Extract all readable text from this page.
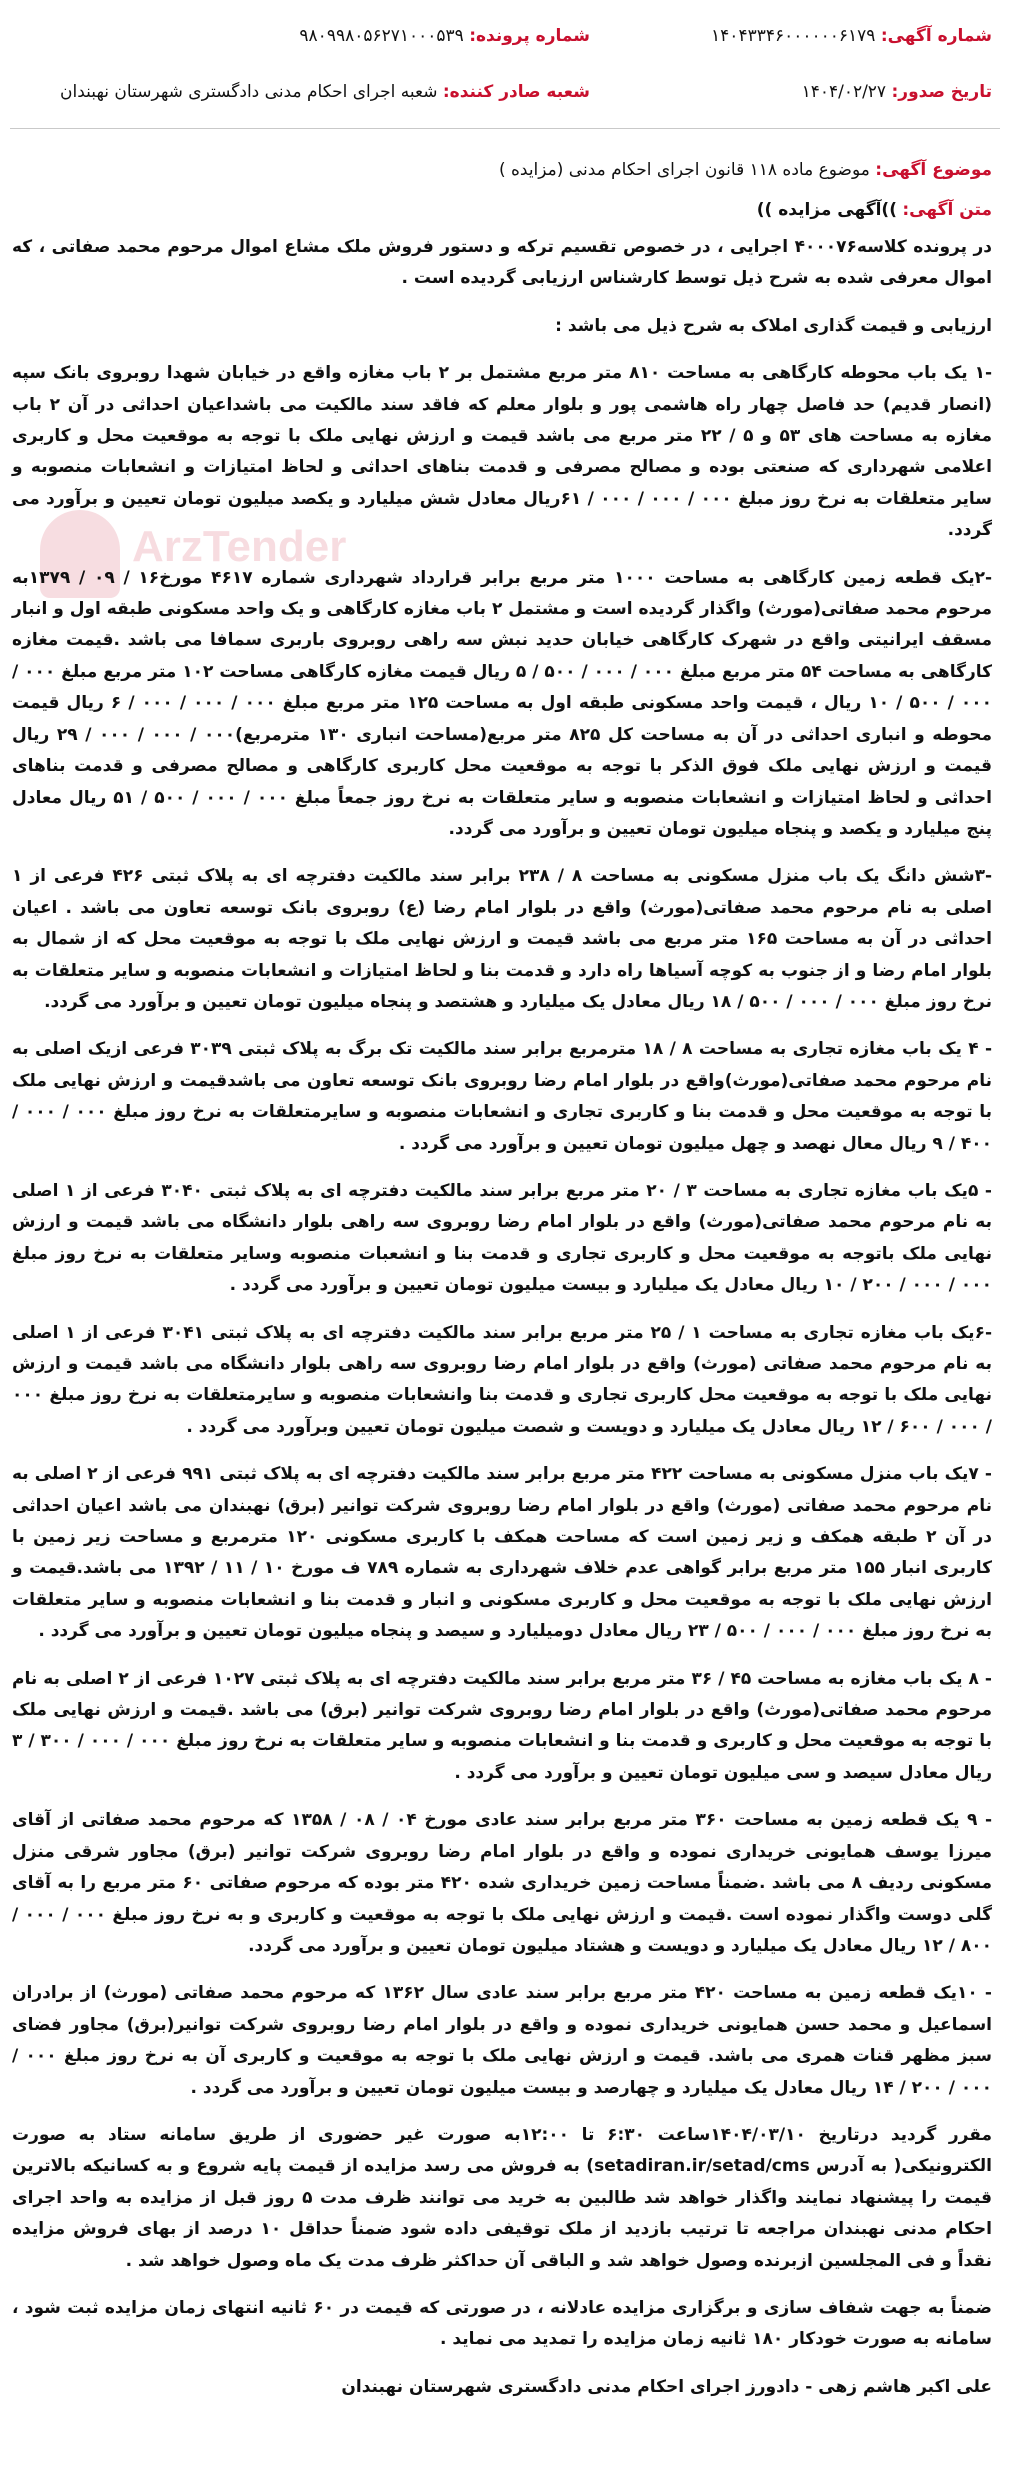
شماره آگهی: ۱۴۰۴۳۳۴۶۰۰۰۰۰۰۶۱۷۹
شماره پرونده: ۹۸۰۹۹۸۰۵۶۲۷۱۰۰۰۵۳۹
تاریخ صدور: ۱۴۰۴/۰۲/۲۷
شعبه صادر کننده: شعبه اجرای احکام مدنی دادگستری شهرستان نهبندان
موضوع آگهی: موضوع ماده ۱۱۸ قانون اجرای احکام مدنی (مزایده )
متن آگهی: ))آگهی مزایده ))
ArzTender

در پرونده کلاسه۴۰۰۰۷۶ اجرایی ، در خصوص تقسیم ترکه و دستور فروش ملک مشاع اموال مرحوم محمد صفاتی ، که اموال معرفی شده به شرح ذیل توسط کارشناس ارزیابی گردیده است .

ارزیابی و قیمت گذاری املاک به شرح ذیل می باشد :

-۱ یک باب محوطه کارگاهی به مساحت ۸۱۰ متر مربع مشتمل بر ۲ باب مغازه واقع در خیابان شهدا روبروی بانک سپه (انصار قدیم) حد فاصل چهار راه هاشمی پور و بلوار معلم که فاقد سند مالکیت می باشداعیان احداثی در آن ۲ باب مغازه به مساحت های ۵۳ و ۵ / ۲۲ متر مربع می باشد قیمت و ارزش نهایی ملک با توجه به موقعیت محل و کاربری اعلامی شهرداری که صنعتی بوده و مصالح مصرفی و قدمت بناهای احداثی و لحاظ امتیازات و انشعابات منصوبه و سایر متعلقات به نرخ روز مبلغ ۰۰۰ / ۰۰۰ / ۰۰۰ / ۶۱ریال معادل شش میلیارد و یکصد میلیون تومان تعیین و برآورد می گردد.

-۲یک قطعه زمین کارگاهی به مساحت ۱۰۰۰ متر مربع برابر قرارداد شهرداری شماره ۴۶۱۷ مورخ۱۶ / ۰۹ / ۱۳۷۹به مرحوم محمد صفاتی(مورث) واگذار گردیده است و مشتمل ۲ باب مغازه کارگاهی و یک واحد مسکونی طبقه اول و انبار مسقف ایرانیتی واقع در شهرک کارگاهی خیابان حدید نبش سه راهی روبروی باربری سمافا می باشد .قیمت مغازه کارگاهی به مساحت ۵۴ متر مربع مبلغ ۰۰۰ / ۰۰۰ / ۵۰۰ / ۵ ریال قیمت مغازه کارگاهی مساحت ۱۰۲ متر مربع مبلغ ۰۰۰ / ۰۰۰ / ۵۰۰ / ۱۰ ریال ، قیمت واحد مسکونی طبقه اول به مساحت ۱۲۵ متر مربع مبلغ ۰۰۰ / ۰۰۰ / ۰۰۰ / ۶ ریال قیمت محوطه و انباری احداثی در آن به مساحت کل ۸۲۵ متر مربع(مساحت انباری ۱۳۰ مترمربع)۰۰۰ / ۰۰۰ / ۰۰۰ / ۲۹ ریال قیمت و ارزش نهایی ملک فوق الذکر با توجه به موقعیت محل کاربری کارگاهی و مصالح مصرفی و قدمت بناهای احداثی و لحاظ امتیازات و انشعابات منصوبه و سایر متعلقات به نرخ روز جمعاً مبلغ ۰۰۰ / ۰۰۰ / ۵۰۰ / ۵۱ ریال معادل پنج میلیارد و یکصد و پنجاه میلیون تومان تعیین و برآورد می گردد.

-۳شش دانگ یک باب منزل مسکونی به مساحت ۸ / ۲۳۸ برابر سند مالکیت دفترچه ای به پلاک ثبتی ۴۲۶ فرعی از ۱ اصلی به نام مرحوم محمد صفاتی(مورث) واقع در بلوار امام رضا (ع) روبروی بانک توسعه تعاون می باشد . اعیان احداثی در آن به مساحت ۱۶۵ متر مربع می باشد قیمت و ارزش نهایی ملک با توجه به موقعیت محل که از شمال به بلوار امام رضا و از جنوب به کوچه آسیاها راه دارد و قدمت بنا و لحاظ امتیازات و انشعابات منصوبه و سایر متعلقات به نرخ روز مبلغ ۰۰۰ / ۰۰۰ / ۵۰۰ / ۱۸ ریال معادل یک میلیارد و هشتصد و پنجاه میلیون تومان تعیین و برآورد می گردد.

- ۴ یک باب مغازه تجاری به مساحت ۸ / ۱۸ مترمربع برابر سند مالکیت تک برگ به پلاک ثبتی ۳۰۳۹ فرعی ازیک اصلی به نام مرحوم محمد صفاتی(مورث)واقع در بلوار امام رضا روبروی بانک توسعه تعاون می باشدقیمت و ارزش نهایی ملک با توجه به موقعیت محل و قدمت بنا و کاربری تجاری و انشعابات منصوبه و سایرمتعلقات به نرخ روز مبلغ ۰۰۰ / ۰۰۰ / ۴۰۰ / ۹ ریال معال نهصد و چهل میلیون تومان تعیین و برآورد می گردد .

- ۵یک باب مغازه تجاری به مساحت ۳ / ۲۰ متر مربع برابر سند مالکیت دفترچه ای به پلاک ثبتی ۳۰۴۰ فرعی از ۱ اصلی به نام مرحوم محمد صفاتی(مورث) واقع در بلوار امام رضا روبروی سه راهی بلوار دانشگاه می باشد قیمت و ارزش نهایی ملک باتوجه به موقعیت محل و کاربری تجاری و قدمت بنا و انشعبات منصوبه وسایر متعلقات به نرخ روز مبلغ ۰۰۰ / ۰۰۰ / ۲۰۰ / ۱۰ ریال معادل یک میلیارد و بیست میلیون تومان تعیین و برآورد می گردد .

-۶یک باب مغازه تجاری به مساحت ۱ / ۲۵ متر مربع برابر سند مالکیت دفترچه ای به پلاک ثبتی ۳۰۴۱ فرعی از ۱ اصلی به نام مرحوم محمد صفاتی (مورث) واقع در بلوار امام رضا روبروی سه راهی بلوار دانشگاه می باشد قیمت و ارزش نهایی ملک با توجه به موقعیت محل کاربری تجاری و قدمت بنا وانشعابات منصوبه و سایرمتعلقات به نرخ روز مبلغ ۰۰۰ / ۰۰۰ / ۶۰۰ / ۱۲ ریال معادل یک میلیارد و دویست و شصت میلیون تومان تعیین وبرآورد می گردد .

- ۷یک باب منزل مسکونی به مساحت ۴۲۲ متر مربع برابر سند مالکیت دفترچه ای به پلاک ثبتی ۹۹۱ فرعی از ۲ اصلی به نام مرحوم محمد صفاتی (مورث) واقع در بلوار امام رضا روبروی شرکت توانیر (برق) نهبندان می باشد اعیان احداثی در آن ۲ طبقه همکف و زیر زمین است که مساحت همکف با کاربری مسکونی ۱۲۰ مترمربع و مساحت زیر زمین با کاربری انبار ۱۵۵ متر مربع برابر گواهی عدم خلاف شهرداری به شماره ۷۸۹ ف مورخ ۱۰ / ۱۱ / ۱۳۹۲ می باشد.قیمت و ارزش نهایی ملک با توجه به موقعیت محل و کاربری مسکونی و انبار و قدمت بنا و انشعابات منصوبه و سایر متعلقات به نرخ روز مبلغ ۰۰۰ / ۰۰۰ / ۵۰۰ / ۲۳ ریال معادل دومیلیارد و سیصد و پنجاه میلیون تومان تعیین و برآورد می گردد .

- ۸ یک باب مغازه به مساحت ۴۵ / ۳۶ متر مربع برابر سند مالکیت دفترچه ای به پلاک ثبتی ۱۰۲۷ فرعی از ۲ اصلی به نام مرحوم محمد صفاتی(مورث) واقع در بلوار امام رضا روبروی شرکت توانیر (برق) می باشد .قیمت و ارزش نهایی ملک با توجه به موقعیت محل و کاربری و قدمت بنا و انشعابات منصوبه و سایر متعلقات به نرخ روز مبلغ ۰۰۰ / ۰۰۰ / ۳۰۰ / ۳ ریال معادل سیصد و سی میلیون تومان تعیین و برآورد می گردد .

- ۹ یک قطعه زمین به مساحت ۳۶۰ متر مربع برابر سند عادی مورخ ۰۴ / ۰۸ / ۱۳۵۸ که مرحوم محمد صفاتی از آقای میرزا یوسف همایونی خریداری نموده و واقع در بلوار امام رضا روبروی شرکت توانیر (برق) مجاور شرقی منزل مسکونی ردیف ۸ می باشد .ضمناً مساحت زمین خریداری شده ۴۲۰ متر بوده که مرحوم صفاتی ۶۰ متر مربع را به آقای گلی دوست واگذار نموده است .قیمت و ارزش نهایی ملک با توجه به موقعیت و کاربری و به نرخ روز مبلغ ۰۰۰ / ۰۰۰ / ۸۰۰ / ۱۲ ریال معادل یک میلیارد و دویست و هشتاد میلیون تومان تعیین و برآورد می گردد.

- ۱۰یک قطعه زمین به مساحت ۴۲۰ متر مربع برابر سند عادی سال ۱۳۶۲ که مرحوم محمد صفاتی (مورث) از برادران اسماعیل و محمد حسن همایونی خریداری نموده و واقع در بلوار امام رضا روبروی شرکت توانیر(برق) مجاور فضای سبز مظهر قنات همری می باشد. قیمت و ارزش نهایی ملک با توجه به موقعیت و کاربری آن به نرخ روز مبلغ ۰۰۰ / ۰۰۰ / ۲۰۰ / ۱۴ ریال معادل یک میلیارد و چهارصد و بیست میلیون تومان تعیین و برآورد می گردد .

مقرر گردید درتاریخ ۱۴۰۴/۰۳/۱۰ساعت ۶:۳۰ تا ۱۲:۰۰به صورت غیر حضوری از طریق سامانه ستاد به صورت الکترونیکی( به آدرس setadiran.ir/setad/cms) به فروش می رسد مزایده از قیمت پایه شروع و به کسانیکه بالاترین قیمت را پیشنهاد نمایند واگذار خواهد شد طالبین به خرید می توانند ظرف مدت ۵ روز قبل از مزایده به واحد اجرای احکام مدنی نهبندان مراجعه تا ترتیب بازدید از ملک توقیفی داده شود ضمناً حداقل ۱۰ درصد از بهای فروش مزایده نقداً و فی المجلسین ازبرنده وصول خواهد شد و الباقی آن حداکثر ظرف مدت یک ماه وصول خواهد شد .

ضمناً به جهت شفاف سازی و برگزاری مزایده عادلانه ، در صورتی که قیمت در ۶۰ ثانیه انتهای زمان مزایده ثبت شود ، سامانه به صورت خودکار ۱۸۰ ثانیه زمان مزایده را تمدید می نماید .

علی اکبر هاشم زهی - دادورز اجرای احکام مدنی دادگستری شهرستان نهبندان
